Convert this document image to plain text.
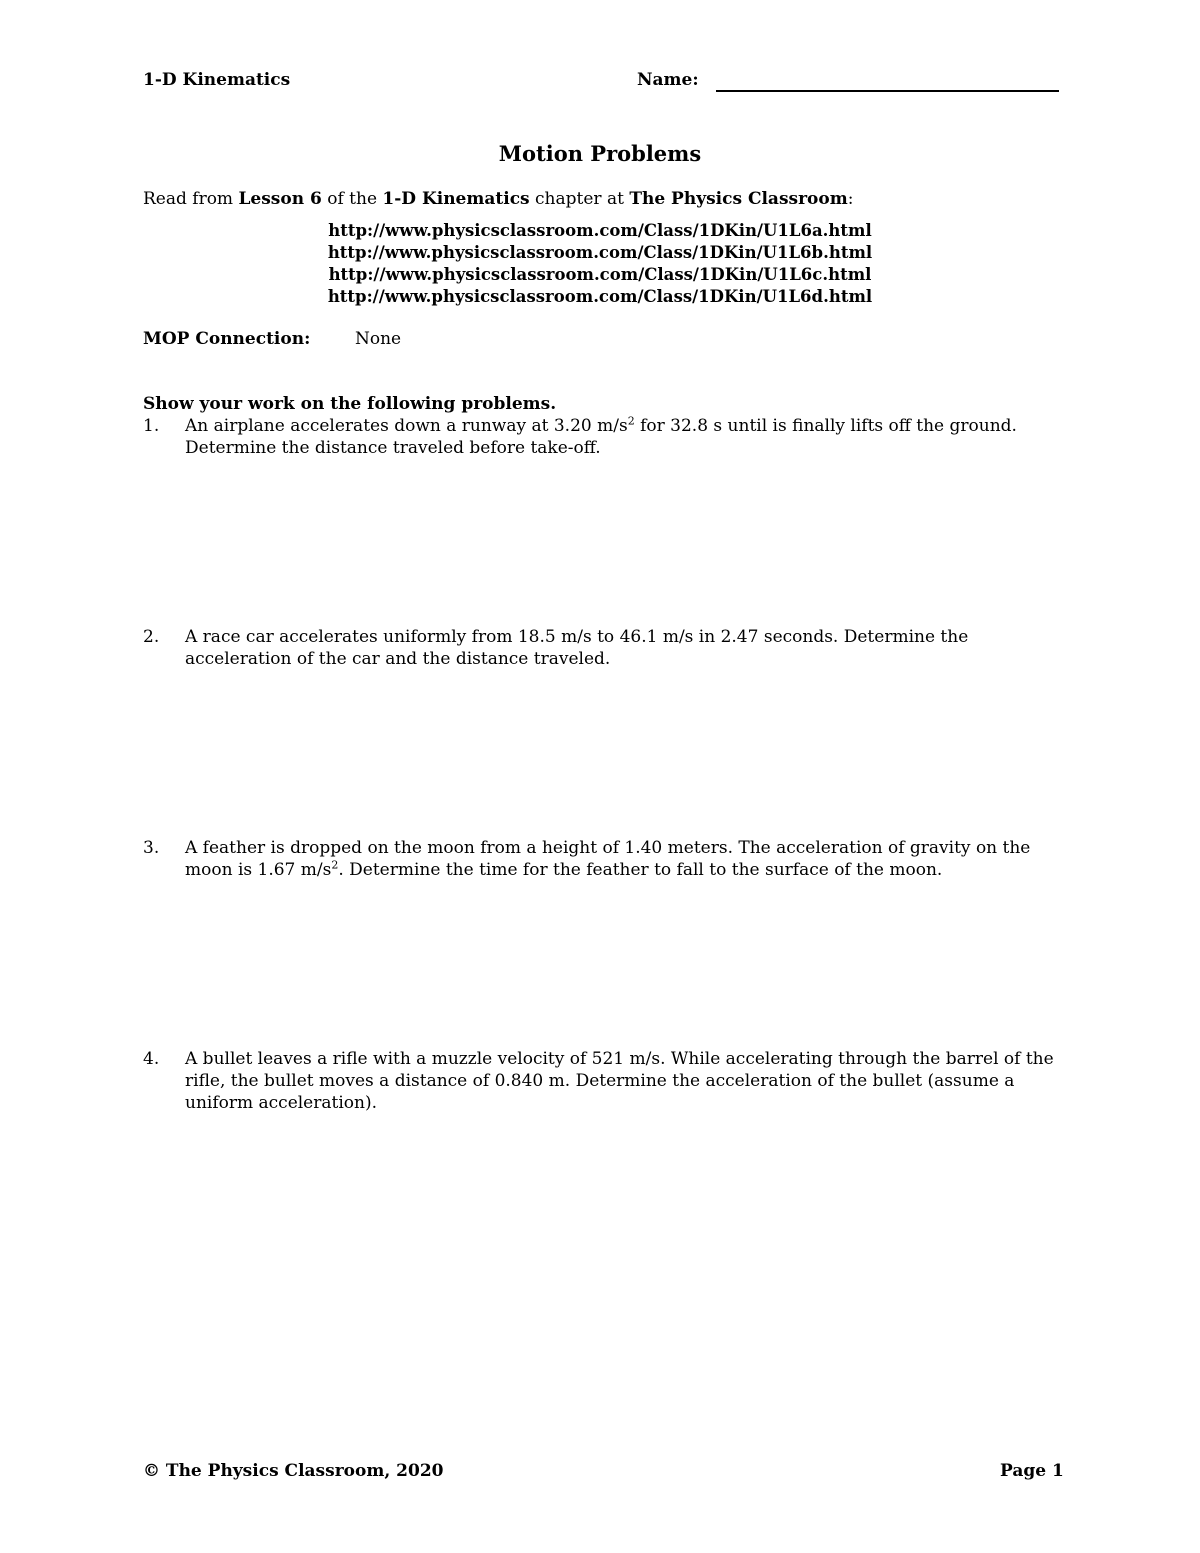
1-D Kinematics	Name:
Motion Problems
Read from Lesson 6 of the 1-D Kinematics chapter at The Physics Classroom:
http://www.physicsclassroom.com/Class/1DKin/U1L6a.html
http://www.physicsclassroom.com/Class/1DKin/U1L6b.html
http://www.physicsclassroom.com/Class/1DKin/U1L6c.html
http://www.physicsclassroom.com/Class/1DKin/U1L6d.html
MOP Connection:	None
Show your work on the following problems.
1.	An airplane accelerates down a runway at 3.20 $m/s^2$ for 32.8 s until is finally lifts off the ground. Determine the distance traveled before take-off.
2.	A race car accelerates uniformly from 18.5 m/s to 46.1 m/s in 2.47 seconds. Determine the acceleration of the car and the distance traveled.
3.	A feather is dropped on the moon from a height of 1.40 meters. The acceleration of gravity on the moon is 1.67 $m/s^2$. Determine the time for the feather to fall to the surface of the moon.
4.	A bullet leaves a rifle with a muzzle velocity of 521 m/s. While accelerating through the barrel of the rifle, the bullet moves a distance of 0.840 m. Determine the acceleration of the bullet (assume a uniform acceleration).
© The Physics Classroom, 2020	Page 1
